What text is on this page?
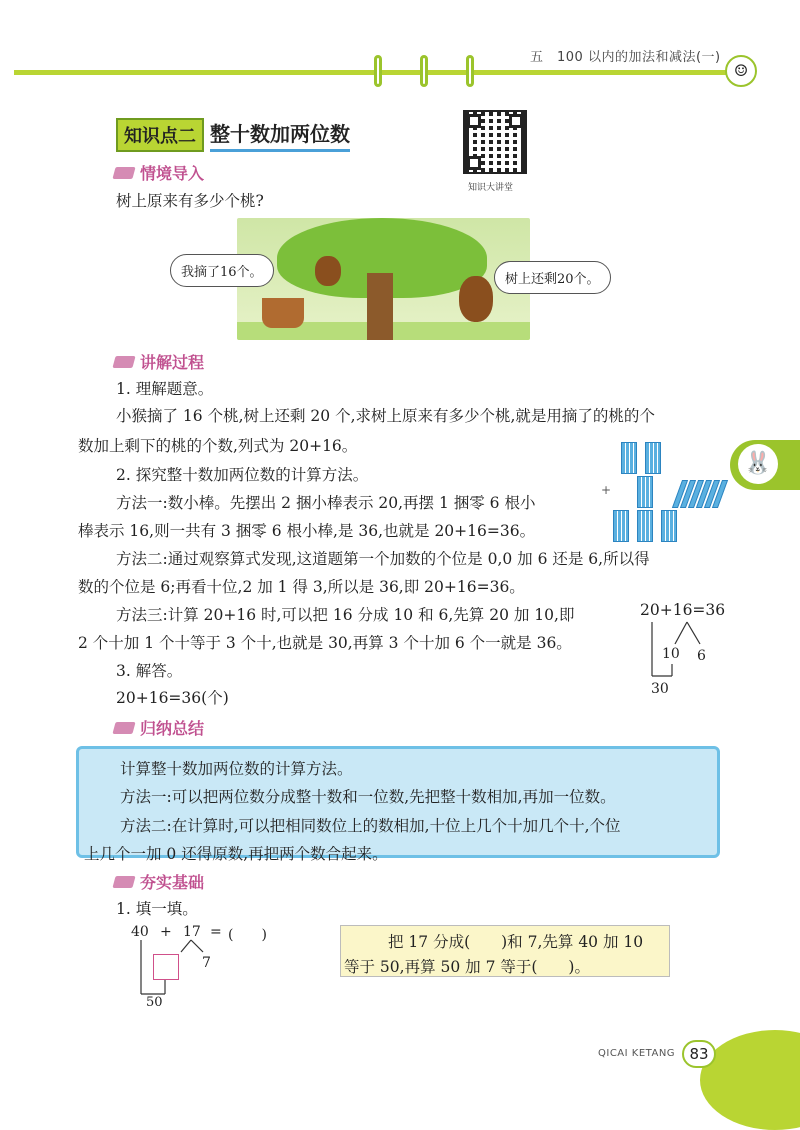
五　100 以内的加法和减法(一)
☺
🐰
知识点二 整十数加两位数
知识大讲堂
情境导入
树上原来有多少个桃?
我摘了16个。	树上还剩20个。
讲解过程
1. 理解题意。
小猴摘了 16 个桃,树上还剩 20 个,求树上原来有多少个桃,就是用摘了的桃的个
数加上剩下的桃的个数,列式为 20+16。
2. 探究整十数加两位数的计算方法。
方法一:数小棒。先摆出 2 捆小棒表示 20,再摆 1 捆零 6 根小
棒表示 16,则一共有 3 捆零 6 根小棒,是 36,也就是 20+16=36。
方法二:通过观察算式发现,这道题第一个加数的个位是 0,0 加 6 还是 6,所以得
数的个位是 6;再看十位,2 加 1 得 3,所以是 36,即 20+16=36。
方法三:计算 20+16 时,可以把 16 分成 10 和 6,先算 20 加 10,即
2 个十加 1 个十等于 3 个十,也就是 30,再算 3 个十加 6 个一就是 36。
3. 解答。
20+16=36(个)
+
20+16=36
10 6
30
归纳总结
计算整十数加两位数的计算方法。
方法一:可以把两位数分成整十数和一位数,先把整十数相加,再加一位数。
方法二:在计算时,可以把相同数位上的数相加,十位上几个十加几个十,个位
上几个一加 0 还得原数,再把两个数合起来。
夯实基础
1. 填一填。
40 + 17 = (　　)
7
50
把 17 分成(　　)和 7,先算 40 加 10
等于 50,再算 50 加 7 等于(　　)。
QICAI KETANG 83
